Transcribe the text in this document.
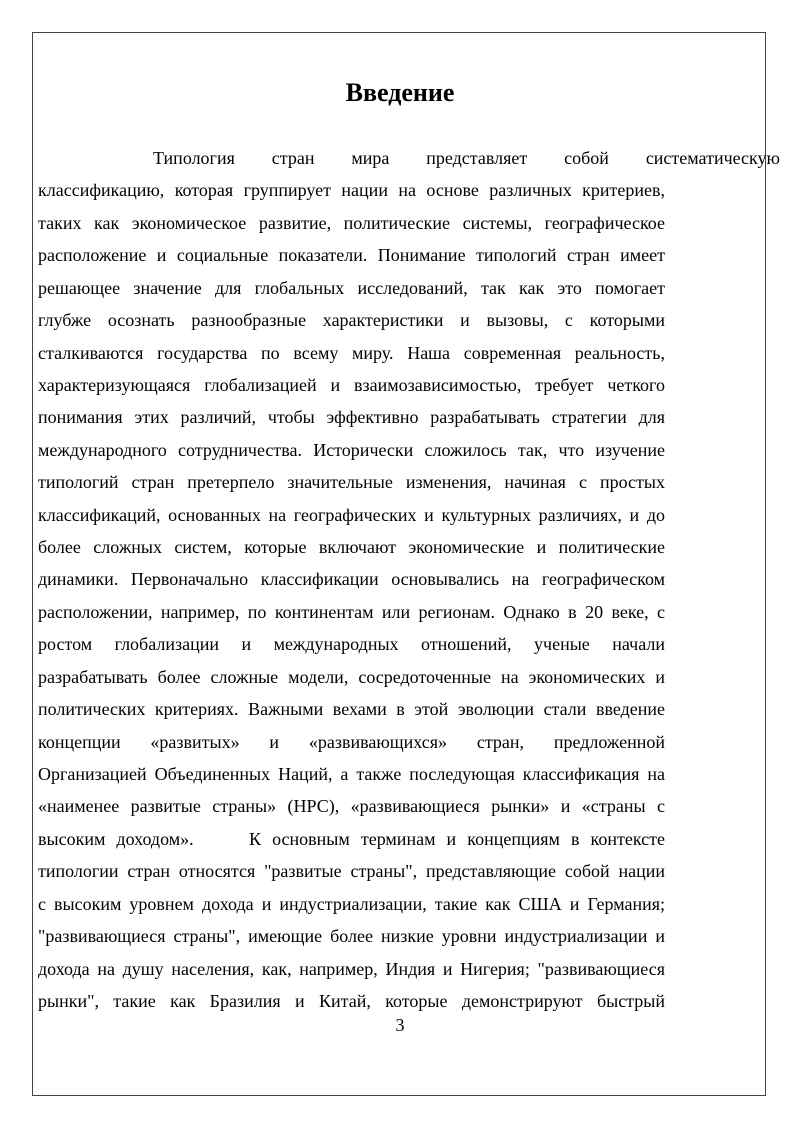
Введение
Типология стран мира представляет собой систематическую
классификацию, которая группирует нации на основе различных критериев,
таких как экономическое развитие, политические системы, географическое
расположение и социальные показатели. Понимание типологий стран имеет
решающее значение для глобальных исследований, так как это помогает
глубже осознать разнообразные характеристики и вызовы, с которыми
сталкиваются государства по всему миру. Наша современная реальность,
характеризующаяся глобализацией и взаимозависимостью, требует четкого
понимания этих различий, чтобы эффективно разрабатывать стратегии для
международного сотрудничества. Исторически сложилось так, что изучение
типологий стран претерпело значительные изменения, начиная с простых
классификаций, основанных на географических и культурных различиях, и до
более сложных систем, которые включают экономические и политические
динамики. Первоначально классификации основывались на географическом
расположении, например, по континентам или регионам. Однако в 20 веке, с
ростом глобализации и международных отношений, ученые начали
разрабатывать более сложные модели, сосредоточенные на экономических и
политических критериях. Важными вехами в этой эволюции стали введение
концепции «развитых» и «развивающихся» стран, предложенной
Организацией Объединенных Наций, а также последующая классификация на
«наименее развитые страны» (НРС), «развивающиеся рынки» и «страны с
высоким доходом».     К основным терминам и концепциям в контексте
типологии стран относятся "развитые страны", представляющие собой нации
с высоким уровнем дохода и индустриализации, такие как США и Германия;
"развивающиеся страны", имеющие более низкие уровни индустриализации и
дохода на душу населения, как, например, Индия и Нигерия; "развивающиеся
рынки", такие как Бразилия и Китай, которые демонстрируют быстрый
3
